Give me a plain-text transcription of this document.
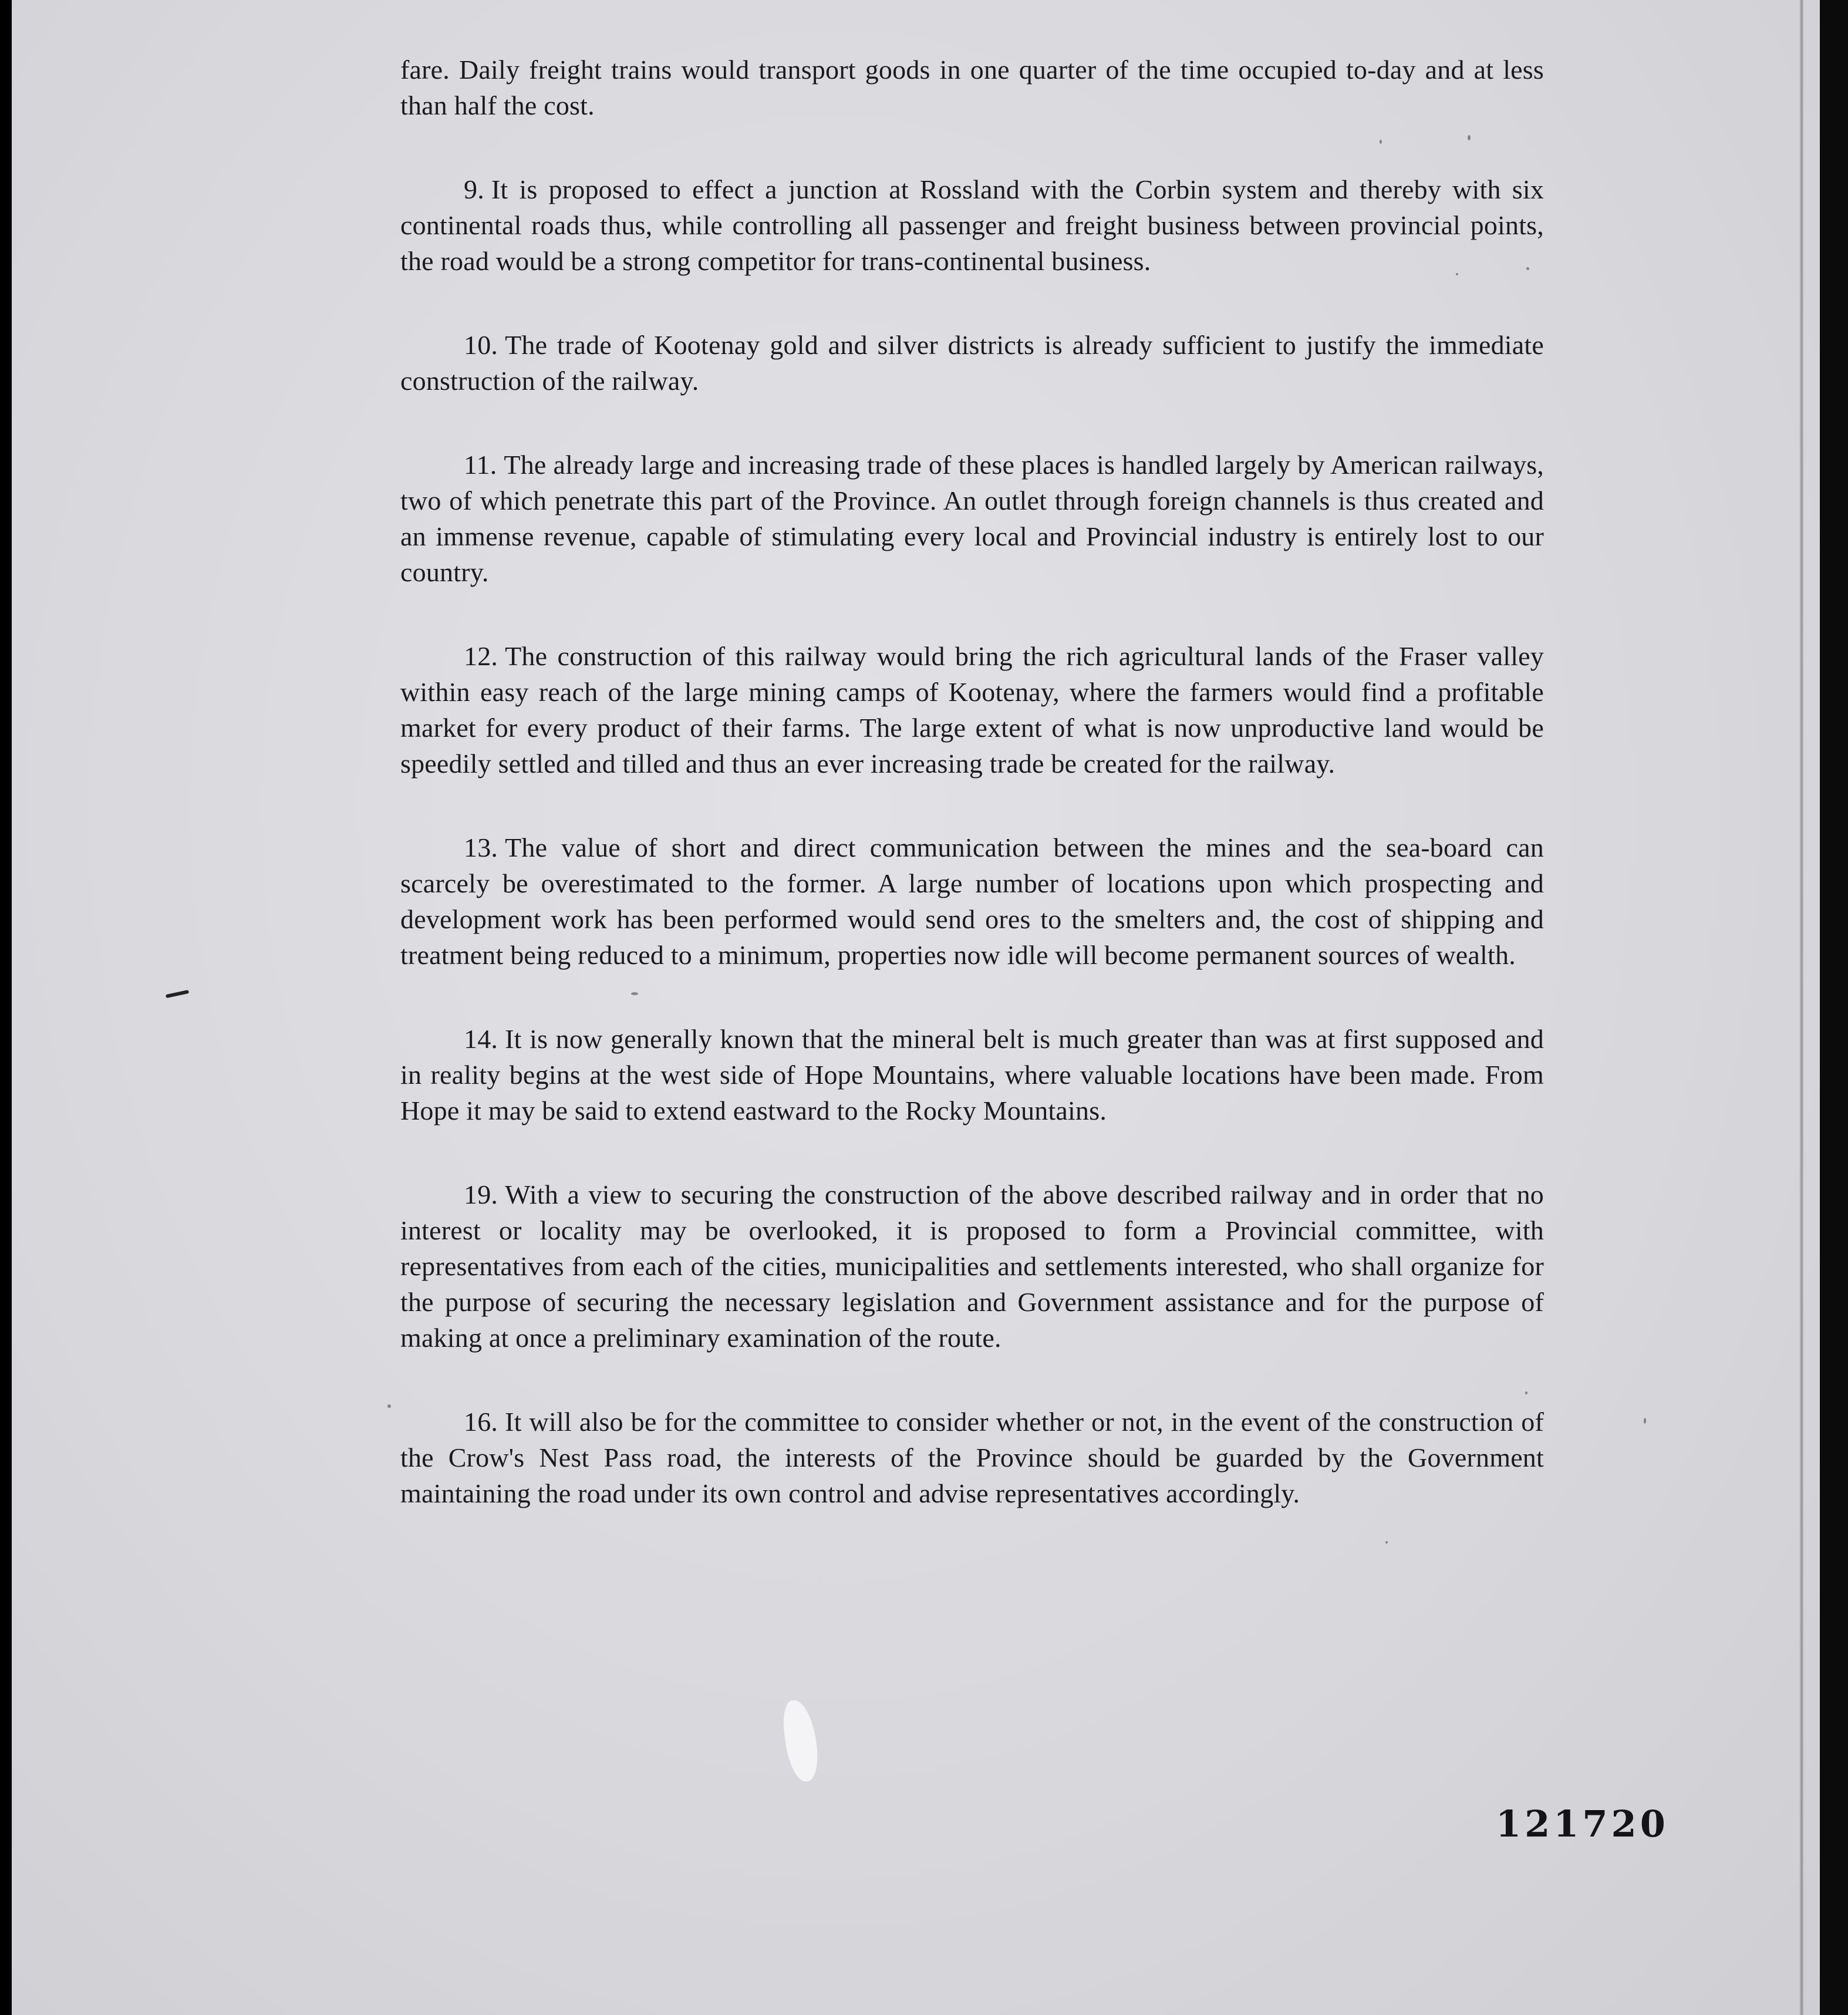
fare. Daily freight trains would transport goods in one quarter of the time occupied to-day and at less than half the cost.

9. It is proposed to effect a junction at Rossland with the Corbin system and thereby with six continental roads thus, while controlling all passenger and freight business between provincial points, the road would be a strong competitor for trans-continental business.

10. The trade of Kootenay gold and silver districts is already sufficient to justify the immediate construction of the railway.

11. The already large and increasing trade of these places is handled largely by American railways, two of which penetrate this part of the Province. An outlet through foreign channels is thus created and an immense revenue, capable of stimulating every local and Provincial industry is entirely lost to our country.

12. The construction of this railway would bring the rich agricultural lands of the Fraser valley within easy reach of the large mining camps of Kootenay, where the farmers would find a profitable market for every product of their farms. The large extent of what is now unproductive land would be speedily settled and tilled and thus an ever increasing trade be created for the railway.

13. The value of short and direct communication between the mines and the sea-board can scarcely be overestimated to the former. A large number of locations upon which prospecting and development work has been performed would send ores to the smelters and, the cost of shipping and treatment being reduced to a minimum, properties now idle will become permanent sources of wealth.

14. It is now generally known that the mineral belt is much greater than was at first supposed and in reality begins at the west side of Hope Mountains, where valuable locations have been made. From Hope it may be said to extend eastward to the Rocky Mountains.

19. With a view to securing the construction of the above described railway and in order that no interest or locality may be overlooked, it is proposed to form a Provincial committee, with representatives from each of the cities, municipalities and settlements interested, who shall organize for the purpose of securing the necessary legislation and Government assistance and for the purpose of making at once a preliminary examination of the route.

16. It will also be for the committee to consider whether or not, in the event of the construction of the Crow's Nest Pass road, the interests of the Province should be guarded by the Government maintaining the road under its own control and advise representatives accordingly.

121720
